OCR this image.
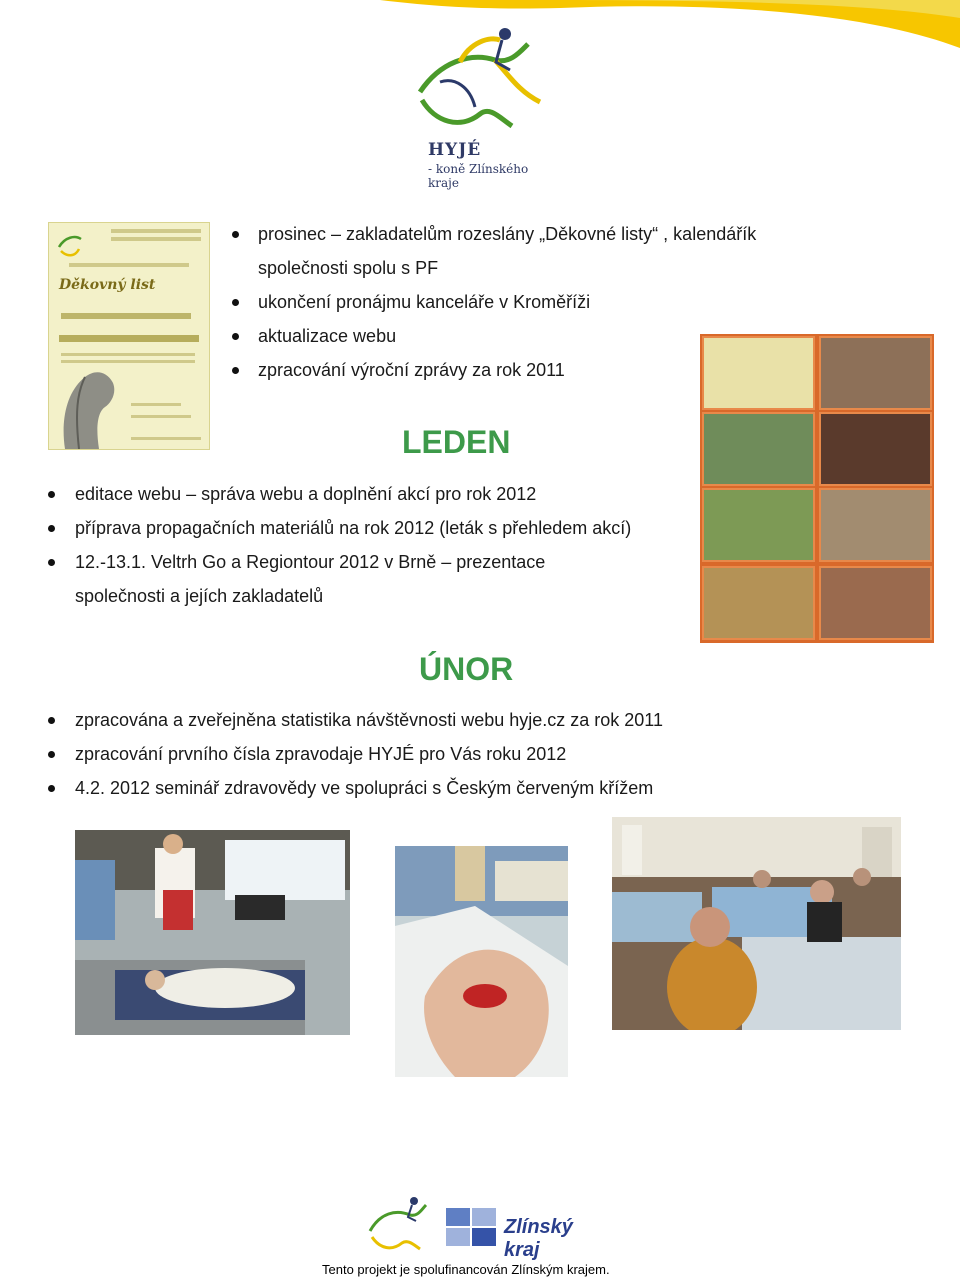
HYJÉ
- koně Zlínského kraje
Děkovný list
prosinec – zakladatelům rozeslány „Děkovné listy“ , kalendářík
společnosti spolu s PF
ukončení pronájmu kanceláře v Kroměříži
aktualizace webu
zpracování výroční zprávy za rok 2011
LEDEN
editace webu – správa webu a doplnění akcí pro rok 2012
příprava propagačních materiálů na rok 2012 (leták s přehledem akcí)
12.-13.1. Veltrh Go a Regiontour 2012 v Brně – prezentace
společnosti a jejích zakladatelů
ÚNOR
zpracována a zveřejněna statistika návštěvnosti webu hyje.cz za rok 2011
zpracování prvního čísla zpravodaje HYJÉ pro Vás roku 2012
4.2. 2012 seminář zdravovědy ve spolupráci s Českým červeným křížem
Zlínský kraj
Tento projekt je spolufinancován Zlínským krajem.
